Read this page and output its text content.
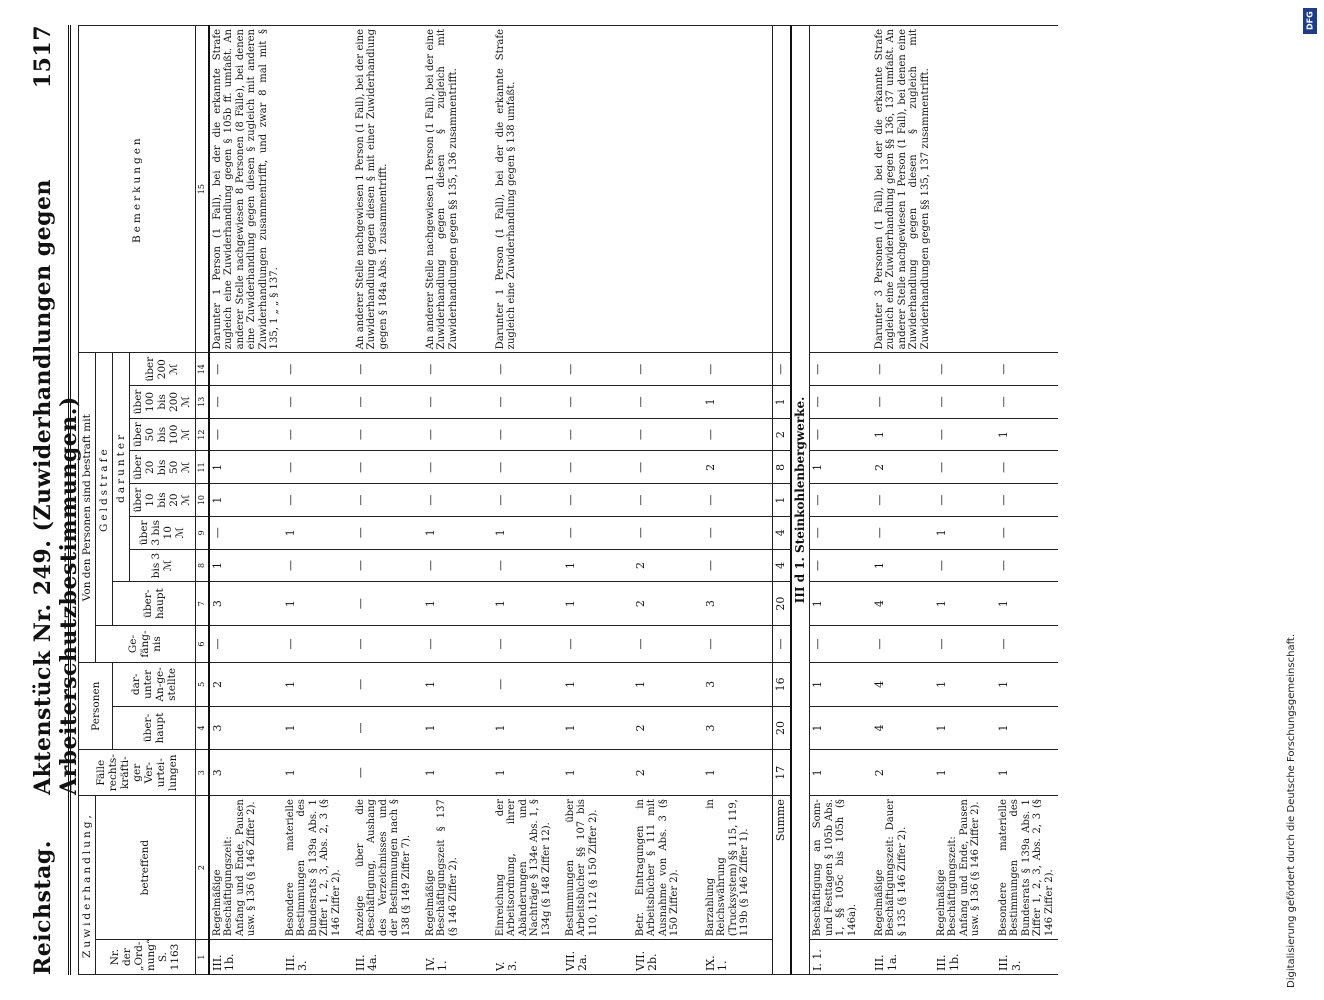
Reichstag.
Aktenstück Nr. 249. (Zuwiderhandlungen gegen Arbeiterschutzbestimmungen.)
1517
Zuwiderhandlung,		Fälle rechts-kräfti-ger Ver-urtei-lungen	Personen		Von den Personen sind bestraft mit									Bemerkungen
Nr. der „Ord-nung“ S. 1163	betreffend				Ge-fäng-nis	Geldstrafe								
			über-haupt	dar-unter An-ge-stellte		über-haupt	darunter							
							bis 3 ℳ	über 3 bis 10 ℳ	über 10 bis 20 ℳ	über 20 bis 50 ℳ	über 50 bis 100 ℳ	über 100 bis 200 ℳ	über 200 ℳ	
1	2	3	4	5	6	7	8	9	10	11	12	13	14	15
III.
1b.	Regelmäßige Beschäftigungszeit: Anfang und Ende, Pausen usw. § 136 (§ 146 Ziffer 2).	3	3	2	—	3	1	—	1	1	—	—	—	Darunter 1 Person (1 Fall), bei der die erkannte Strafe zugleich eine Zuwiderhandlung gegen § 105b ff. umfaßt. An anderer Stelle nachgewiesen 8 Personen (8 Fälle), bei denen eine Zuwiderhandlung gegen diesen § zugleich mit anderen Zuwiderhandlungen zusammentrifft, und zwar 8 mal mit § 135, 1 „ „ § 137.
III.
3.	Besondere materielle Bestimmungen des Bundesrats § 139a Abs. 1 Ziffer 1, 2, 3, Abs. 2, 3 (§ 146 Ziffer 2).	1	1	1	—	1	—	1	—	—	—	—	—	
III.
4a.	Anzeige über die Beschäftigung, Aushang des Verzeichnisses und der Bestimmungen nach § 138 (§ 149 Ziffer 7).	—	—	—	—	—	—	—	—	—	—	—	—	An anderer Stelle nachgewiesen 1 Person (1 Fall), bei der eine Zuwiderhandlung gegen diesen § mit einer Zuwiderhandlung gegen § 184a Abs. 1 zusammentrifft.
IV.
1.	Regelmäßige Beschäftigungszeit § 137 (§ 146 Ziffer 2).	1	1	1	—	1	—	1	—	—	—	—	—	An anderer Stelle nachgewiesen 1 Person (1 Fall), bei der eine Zuwiderhandlung gegen diesen § zugleich mit Zuwiderhandlungen gegen §§ 135, 136 zusammentrifft.
V.
3.	Einreichung der Arbeitsordnung, ihrer Abänderungen und Nachträge § 134e Abs. 1, § 134g (§ 148 Ziffer 12).	1	1	—	—	1	—	1	—	—	—	—	—	Darunter 1 Person (1 Fall), bei der die erkannte Strafe zugleich eine Zuwiderhandlung gegen § 138 umfaßt.
VII.
2a.	Bestimmungen über Arbeitsbücher §§ 107 bis 110, 112 (§ 150 Ziffer 2).	1	1	1	—	1	1	—	—	—	—	—	—	
VII.
2b.	Betr. Eintragungen in Arbeitsbücher § 111 mit Ausnahme von Abs. 3 (§ 150 Ziffer 2).	2	2	1	—	2	2	—	—	—	—	—	—	
IX.
1.	Barzahlung in Reichswährung (Trucksystem) §§ 115, 119, 119b (§ 146 Ziffer 1).	1	3	3	—	3	—	—	—	2	—	1	—	
Summe		17	20	16	—	20	4	4	1	8	2	1	—	
III d 1. Steinkohlenbergwerke.														
I. 1.	Beschäftigung an Sonn- und Festtagen § 105b Abs. 1, §§ 105c bis 105h (§ 146a).	1	1	1	—	1	—	—	—	1	—	—	—	
III.
1a.	Regelmäßige Beschäftigungszeit: Dauer § 135 (§ 146 Ziffer 2).	2	4	4	—	4	1	—	—	2	1	—	—	Darunter 3 Personen (1 Fall), bei der die erkannte Strafe zugleich eine Zuwiderhandlung gegen §§ 136, 137 umfaßt. An anderer Stelle nachgewiesen 1 Person (1 Fall), bei denen eine Zuwiderhandlung gegen diesen § zugleich mit Zuwiderhandlungen gegen §§ 135, 137 zusammentrifft.
III.
1b.	Regelmäßige Beschäftigungszeit: Anfang und Ende, Pausen usw. § 136 (§ 146 Ziffer 2).	1	1	1	—	1	—	1	—	—	—	—	—	
III.
3.	Besondere materielle Bestimmungen des Bundesrats § 139a Abs. 1 Ziffer 1, 2, 3, Abs. 2, 3 (§ 146 Ziffer 2).	1	1	1	—	1	—	—	—	—	1	—	—	
Digitalisierung gefördert durch die Deutsche Forschungsgemeinschaft.
DFG
